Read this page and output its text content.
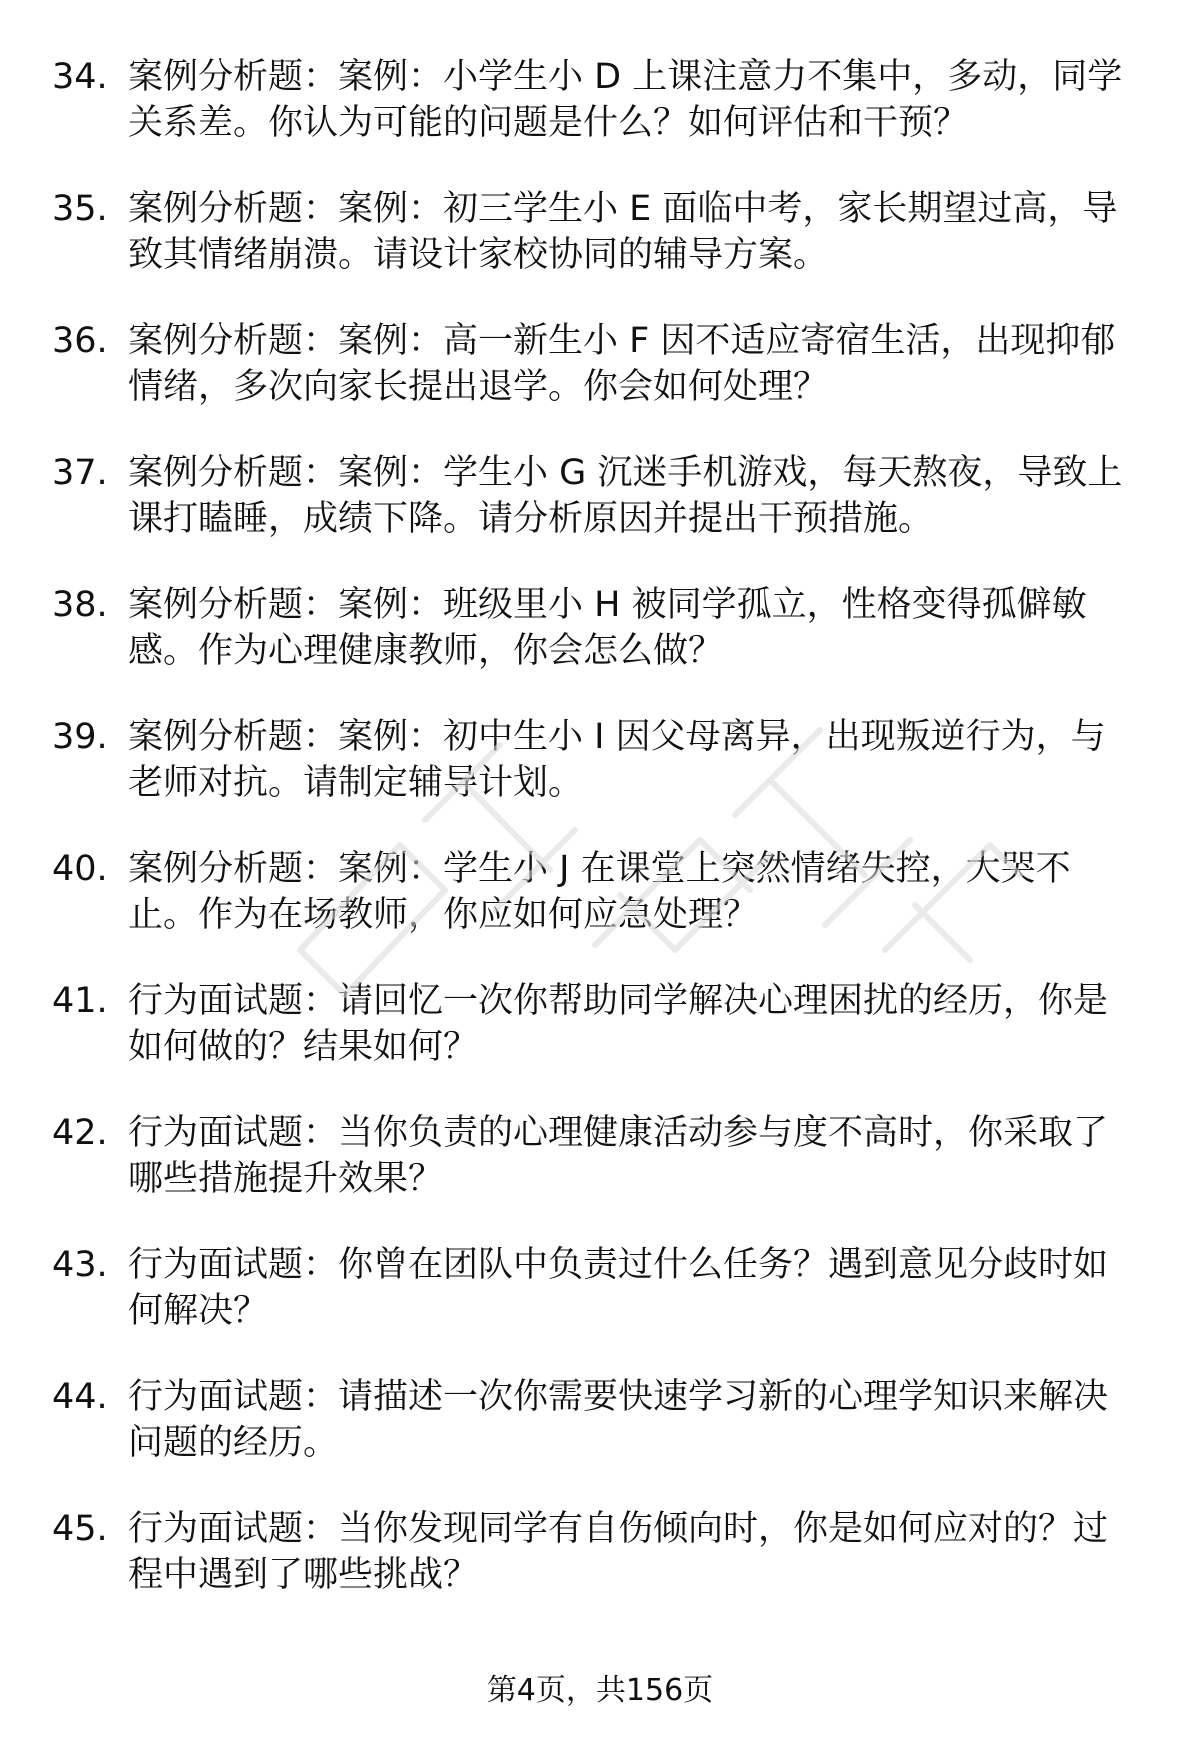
34. 案例分析题：案例：小学生小 D 上课注意力不集中，多动，同学
关系差。你认为可能的问题是什么？如何评估和干预？
35. 案例分析题：案例：初三学生小 E 面临中考，家长期望过高，导
致其情绪崩溃。请设计家校协同的辅导方案。
36. 案例分析题：案例：高一新生小 F 因不适应寄宿生活，出现抑郁
情绪，多次向家长提出退学。你会如何处理？
37. 案例分析题：案例：学生小 G 沉迷手机游戏，每天熬夜，导致上
课打瞌睡，成绩下降。请分析原因并提出干预措施。
38. 案例分析题：案例：班级里小 H 被同学孤立，性格变得孤僻敏
感。作为心理健康教师，你会怎么做？
39. 案例分析题：案例：初中生小 I 因父母离异，出现叛逆行为，与
老师对抗。请制定辅导计划。
40. 案例分析题：案例：学生小 J 在课堂上突然情绪失控，大哭不
止。作为在场教师，你应如何应急处理？
41. 行为面试题：请回忆一次你帮助同学解决心理困扰的经历，你是
如何做的？结果如何？
42. 行为面试题：当你负责的心理健康活动参与度不高时，你采取了
哪些措施提升效果？
43. 行为面试题：你曾在团队中负责过什么任务？遇到意见分歧时如
何解决？
44. 行为面试题：请描述一次你需要快速学习新的心理学知识来解决
问题的经历。
45. 行为面试题：当你发现同学有自伤倾向时，你是如何应对的？过
程中遇到了哪些挑战？
第4页，共156页
